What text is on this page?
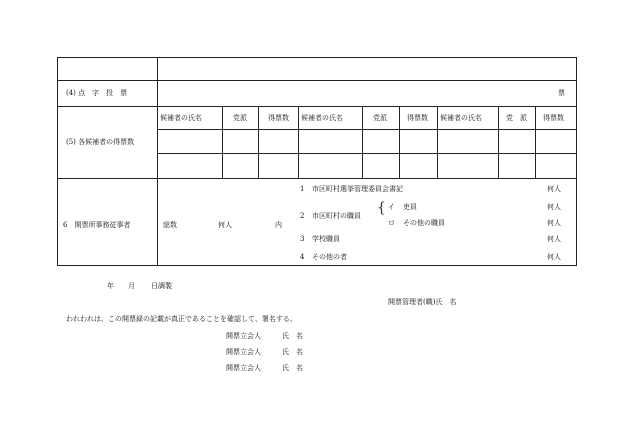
(4) 点　字　投　票	票
(5) 各候補者の得票数
候補者の氏名	党派	得票数 候補者の氏名	党派	得票数 候補者の氏名	党　派 得票数
6　開票所事務従事者	総数	何人	内
1 市区町村選挙管理委員会書記	何人
2 市区町村の職員 { イ 吏員	何人
ロ その他の職員	何人
3 学校職員	何人
4 その他の者	何人
年 月 日調製
開票管理者(職)氏　名
われわれは、この開票録の記載が真正であることを確認して、署名する。
開票立会人	氏　名
開票立会人	氏　名
開票立会人	氏　名
